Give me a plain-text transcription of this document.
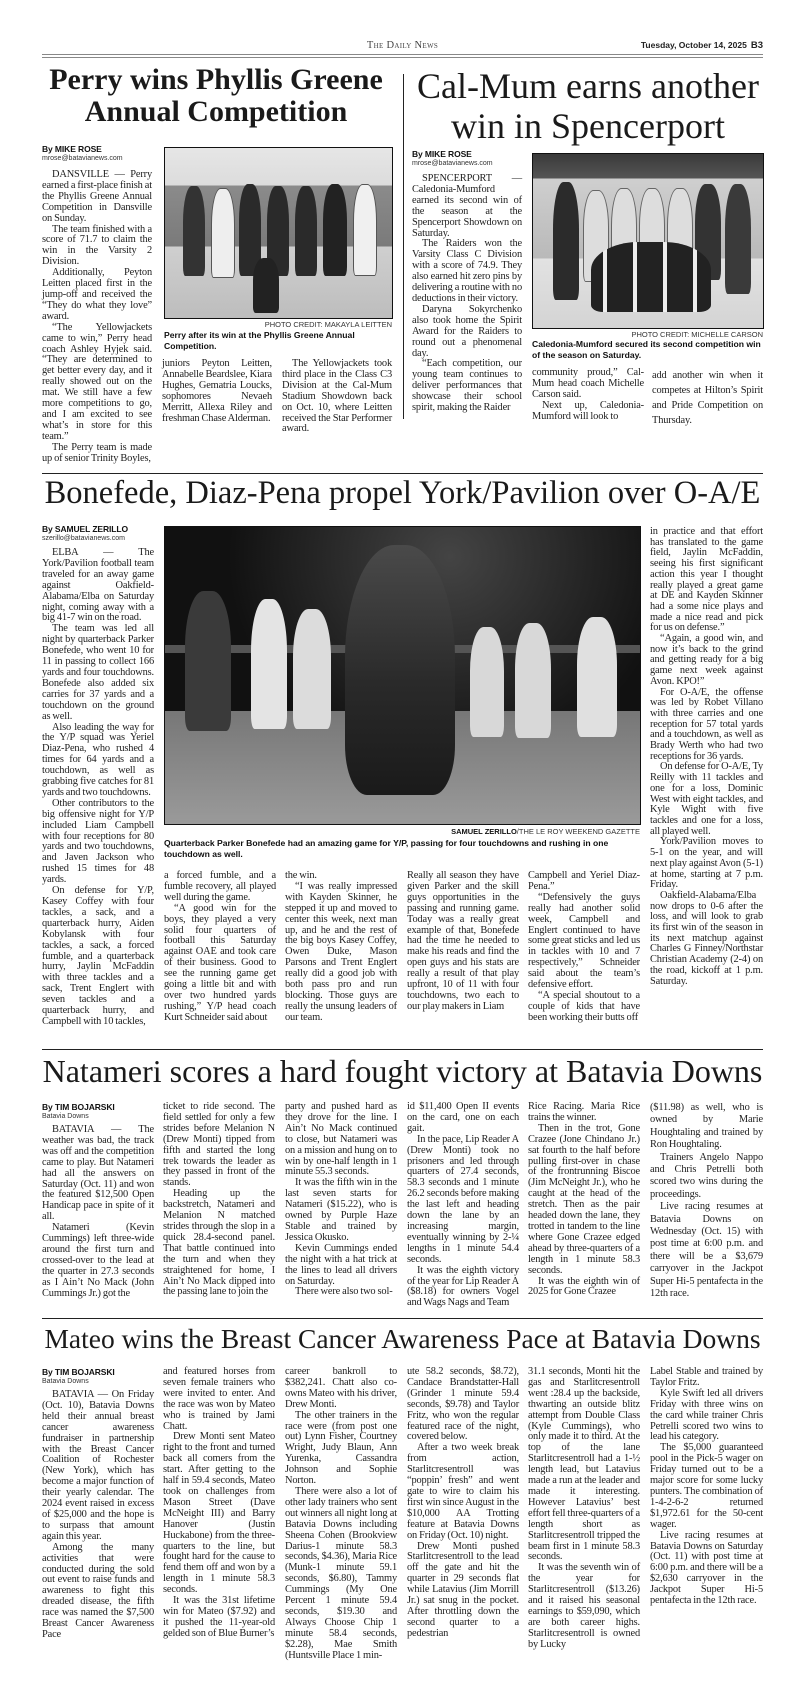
The Daily News	Tuesday, October 14, 2025 B3
Perry wins Phyllis Greene Annual Competition
By MIKE ROSE
mrose@batavianews.com

DANSVILLE — Perry earned a first-place finish at the Phyllis Greene Annual Competition in Dansville on Sunday.

The team finished with a score of 71.7 to claim the win in the Varsity 2 Division.

Additionally, Peyton Leitten placed first in the jump-off and received the “They do what they love” award.

“The Yellowjackets came to win,” Perry head coach Ashley Hyjek said. “They are determined to get better every day, and it really showed out on the mat. We still have a few more competitions to go, and I am excited to see what’s in store for this team.”

The Perry team is made up of senior Trinity Boyles,

PHOTO CREDIT: MAKAYLA LEITTEN
Perry after its win at the Phyllis Greene Annual Competition.

juniors Peyton Leitten, Annabelle Beardslee, Kiara Hughes, Gematria Loucks, sophomores Nevaeh Merritt, Allexa Riley and freshman Chase Alderman.

The Yellowjackets took third place in the Class C3 Division at the Cal-Mum Stadium Showdown back on Oct. 10, where Leitten received the Star Performer award.

Cal-Mum earns another win in Spencerport
By MIKE ROSE
mrose@batavianews.com

SPENCERPORT — Caledonia-Mumford earned its second win of the season at the Spencerport Showdown on Saturday.

The Raiders won the Varsity Class C Division with a score of 74.9. They also earned hit zero pins by delivering a routine with no deductions in their victory.

Daryna Sokyrchenko also took home the Spirit Award for the Raiders to round out a phenomenal day.

“Each competition, our young team continues to deliver performances that showcase their school spirit, making the Raider

PHOTO CREDIT: MICHELLE CARSON
Caledonia-Mumford secured its second competition win of the season on Saturday.

community proud,” Cal-Mum head coach Michelle Carson said.

Next up, Caledonia-Mumford will look to

add another win when it competes at Hilton’s Spirit and Pride Competition on Thursday.

Bonefede, Diaz-Pena propel York/Pavilion over O-A/E
By SAMUEL ZERILLO
szerillo@batavianews.com

ELBA — The York/Pavilion football team traveled for an away game against Oakfield-Alabama/Elba on Saturday night, coming away with a big 41-7 win on the road.

The team was led all night by quarterback Parker Bonefede, who went 10 for 11 in passing to collect 166 yards and four touchdowns. Bonefede also added six carries for 37 yards and a touchdown on the ground as well.

Also leading the way for the Y/P squad was Yeriel Diaz-Pena, who rushed 4 times for 64 yards and a touchdown, as well as grabbing five catches for 81 yards and two touchdowns.

Other contributors to the big offensive night for Y/P included Liam Campbell with four receptions for 80 yards and two touchdowns, and Javen Jackson who rushed 15 times for 48 yards.

On defense for Y/P, Kasey Coffey with four tackles, a sack, and a quarterback hurry, Aiden Kobylansk with four tackles, a sack, a forced fumble, and a quarterback hurry, Jaylin McFaddin with three tackles and a sack, Trent Englert with seven tackles and a quarterback hurry, and Campbell with 10 tackles,

SAMUEL ZERILLO/THE LE ROY WEEKEND GAZETTE
Quarterback Parker Bonefede had an amazing game for Y/P, passing for four touchdowns and rushing in one touchdown as well.

a forced fumble, and a fumble recovery, all played well during the game.

“A good win for the boys, they played a very solid four quarters of football this Saturday against OAE and took care of their business. Good to see the running game get going a little bit and with over two hundred yards rushing,” Y/P head coach Kurt Schneider said about

the win.

“I was really impressed with Kayden Skinner, he stepped it up and moved to center this week, next man up, and he and the rest of the big boys Kasey Coffey, Owen Duke, Mason Parsons and Trent Englert really did a good job with both pass pro and run blocking. Those guys are really the unsung leaders of our team.

Really all season they have given Parker and the skill guys opportunities in the passing and running game. Today was a really great example of that, Bonefede had the time he needed to make his reads and find the open guys and his stats are really a result of that play upfront, 10 of 11 with four touchdowns, two each to our play makers in Liam

Campbell and Yeriel Diaz-Pena.”

“Defensively the guys really had another solid week, Campbell and Englert continued to have some great sticks and led us in tackles with 10 and 7 respectively,” Schneider said about the team’s defensive effort.

“A special shoutout to a couple of kids that have been working their butts off

in practice and that effort has translated to the game field, Jaylin McFaddin, seeing his first significant action this year I thought really played a great game at DE and Kayden Skinner had a some nice plays and made a nice read and pick for us on defense.”

“Again, a good win, and now it’s back to the grind and getting ready for a big game next week against Avon. KPO!”

For O-A/E, the offense was led by Robet Villano with three carries and one reception for 57 total yards and a touchdown, as well as Brady Werth who had two receptions for 36 yards.

On defense for O-A/E, Ty Reilly with 11 tackles and one for a loss, Dominic West with eight tackles, and Kyle Wight with five tackles and one for a loss, all played well.

York/Pavilion moves to 5-1 on the year, and will next play against Avon (5-1) at home, starting at 7 p.m. Friday.

Oakfield-Alabama/Elba now drops to 0-6 after the loss, and will look to grab its first win of the season in its next matchup against Charles G Finney/Northstar Christian Academy (2-4) on the road, kickoff at 1 p.m. Saturday.

Natameri scores a hard fought victory at Batavia Downs
By TIM BOJARSKI
Batavia Downs

BATAVIA — The weather was bad, the track was off and the competition came to play. But Natameri had all the answers on Saturday (Oct. 11) and won the featured $12,500 Open Handicap pace in spite of it all.

Natameri (Kevin Cummings) left three-wide around the first turn and crossed-over to the lead at the quarter in 27.3 seconds as I Ain’t No Mack (John Cummings Jr.) got the

ticket to ride second. The field settled for only a few strides before Melanion N (Drew Monti) tipped from fifth and started the long trek towards the leader as they passed in front of the stands.

Heading up the backstretch, Natameri and Melanion N matched strides through the slop in a quick 28.4-second panel. That battle continued into the turn and when they straightened for home, I Ain’t No Mack dipped into the passing lane to join the

party and pushed hard as they drove for the line. I Ain’t No Mack continued to close, but Natameri was on a mission and hung on to win by one-half length in 1 minute 55.3 seconds.

It was the fifth win in the last seven starts for Natameri ($15.22), who is owned by Purple Haze Stable and trained by Jessica Okusko.

Kevin Cummings ended the night with a hat trick at the lines to lead all drivers on Saturday.

There were also two sol-

id $11,400 Open II events on the card, one on each gait.

In the pace, Lip Reader A (Drew Monti) took no prisoners and led through quarters of 27.4 seconds, 58.3 seconds and 1 minute 26.2 seconds before making the last left and heading down the lane by an increasing margin, eventually winning by 2-¼ lengths in 1 minute 54.4 seconds.

It was the eighth victory of the year for Lip Reader A ($8.18) for owners Vogel and Wags Nags and Team

Rice Racing. Maria Rice trains the winner.

Then in the trot, Gone Crazee (Jone Chindano Jr.) sat fourth to the half before pulling first-over in chase of the frontrunning Biscoe (Jim McNeight Jr.), who he caught at the head of the stretch. Then as the pair headed down the lane, they trotted in tandem to the line where Gone Crazee edged ahead by three-quarters of a length in 1 minute 58.3 seconds.

It was the eighth win of 2025 for Gone Crazee

($11.98) as well, who is owned by Marie Houghtaling and trained by Ron Houghtaling.

Trainers Angelo Nappo and Chris Petrelli both scored two wins during the proceedings.

Live racing resumes at Batavia Downs on Wednesday (Oct. 15) with post time at 6:00 p.m. and there will be a $3,679 carryover in the Jackpot Super Hi-5 pentafecta in the 12th race.

Mateo wins the Breast Cancer Awareness Pace at Batavia Downs
By TIM BOJARSKI
Batavia Downs

BATAVIA — On Friday (Oct. 10), Batavia Downs held their annual breast cancer awareness fundraiser in partnership with the Breast Cancer Coalition of Rochester (New York), which has become a major function of their yearly calendar. The 2024 event raised in excess of $25,000 and the hope is to surpass that amount again this year.

Among the many activities that were conducted during the sold out event to raise funds and awareness to fight this dreaded disease, the fifth race was named the $7,500 Breast Cancer Awareness Pace

and featured horses from seven female trainers who were invited to enter. And the race was won by Mateo who is trained by Jami Chatt.

Drew Monti sent Mateo right to the front and turned back all comers from the start. After getting to the half in 59.4 seconds, Mateo took on challenges from Mason Street (Dave McNeight III) and Barry Hanover (Justin Huckabone) from the three-quarters to the line, but fought hard for the cause to fend them off and won by a length in 1 minute 58.3 seconds.

It was the 31st lifetime win for Mateo ($7.92) and it pushed the 11-year-old gelded son of Blue Burner’s

career bankroll to $382,241. Chatt also co-owns Mateo with his driver, Drew Monti.

The other trainers in the race were (from post one out) Lynn Fisher, Courtney Wright, Judy Blaun, Ann Yurenka, Cassandra Johnson and Sophie Norton.

There were also a lot of other lady trainers who sent out winners all night long at Batavia Downs including Sheena Cohen (Brookview Darius-1 minute 58.3 seconds, $4.36), Maria Rice (Munk-1 minute 59.1 seconds, $6.80), Tammy Cummings (My One Percent 1 minute 59.4 seconds, $19.30 and Always Choose Chip 1 minute 58.4 seconds, $2.28), Mae Smith (Huntsville Place 1 min-

ute 58.2 seconds, $8.72), Candace Brandstatter-Hall (Grinder 1 minute 59.4 seconds, $9.78) and Taylor Fritz, who won the regular featured race of the night, covered below.

After a two week break from action, Starlitcresentroll was “poppin’ fresh” and went gate to wire to claim his first win since August in the $10,000 AA Trotting feature at Batavia Downs on Friday (Oct. 10) night.

Drew Monti pushed Starlitcresentroll to the lead off the gate and hit the quarter in 29 seconds flat while Latavius (Jim Morrill Jr.) sat snug in the pocket. After throttling down the second quarter to a pedestrian

31.1 seconds, Monti hit the gas and Starlitcresentroll went :28.4 up the backside, thwarting an outside blitz attempt from Double Class (Kyle Cummings), who only made it to third. At the top of the lane Starlitcresentroll had a 1-½ length lead, but Latavius made a run at the leader and made it interesting. However Latavius’ best effort fell three-quarters of a length short as Starlitcresentroll tripped the beam first in 1 minute 58.3 seconds.

It was the seventh win of the year for Starlitcresentroll ($13.26) and it raised his seasonal earnings to $59,090, which are both career highs. Starlitcresentroll is owned by Lucky

Label Stable and trained by Taylor Fritz.

Kyle Swift led all drivers Friday with three wins on the card while trainer Chris Petrelli scored two wins to lead his category.

The $5,000 guaranteed pool in the Pick-5 wager on Friday turned out to be a major score for some lucky punters. The combination of 1-4-2-6-2 returned $1,972.61 for the 50-cent wager.

Live racing resumes at Batavia Downs on Saturday (Oct. 11) with post time at 6:00 p.m. and there will be a $2,630 carryover in the Jackpot Super Hi-5 pentafecta in the 12th race.
